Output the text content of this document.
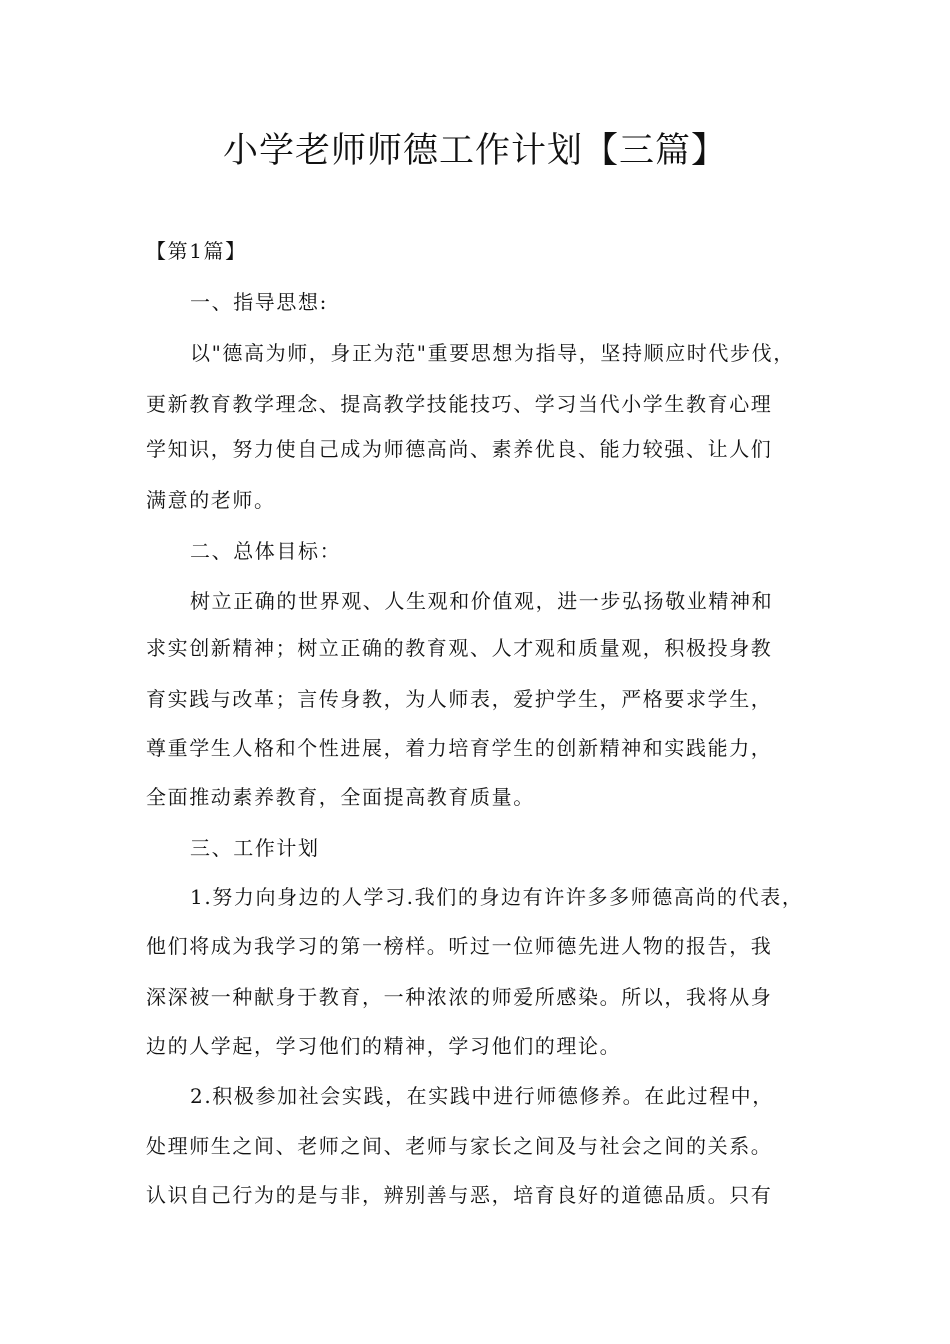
小学老师师德工作计划【三篇】
【第1篇】
一、指导思想:
以"德高为师，身正为范"重要思想为指导，坚持顺应时代步伐，
更新教育教学理念、提高教学技能技巧、学习当代小学生教育心理
学知识，努力使自己成为师德高尚、素养优良、能力较强、让人们
满意的老师。
二、总体目标：
树立正确的世界观、人生观和价值观，进一步弘扬敬业精神和
求实创新精神；树立正确的教育观、人才观和质量观，积极投身教
育实践与改革；言传身教，为人师表，爱护学生，严格要求学生，
尊重学生人格和个性进展，着力培育学生的创新精神和实践能力，
全面推动素养教育，全面提高教育质量。
三、工作计划
1.努力向身边的人学习.我们的身边有许许多多师德高尚的代表，
他们将成为我学习的第一榜样。听过一位师德先进人物的报告，我
深深被一种献身于教育，一种浓浓的师爱所感染。所以，我将从身
边的人学起，学习他们的精神，学习他们的理论。
2.积极参加社会实践，在实践中进行师德修养。在此过程中，
处理师生之间、老师之间、老师与家长之间及与社会之间的关系。
认识自己行为的是与非，辨别善与恶，培育良好的道德品质。只有
